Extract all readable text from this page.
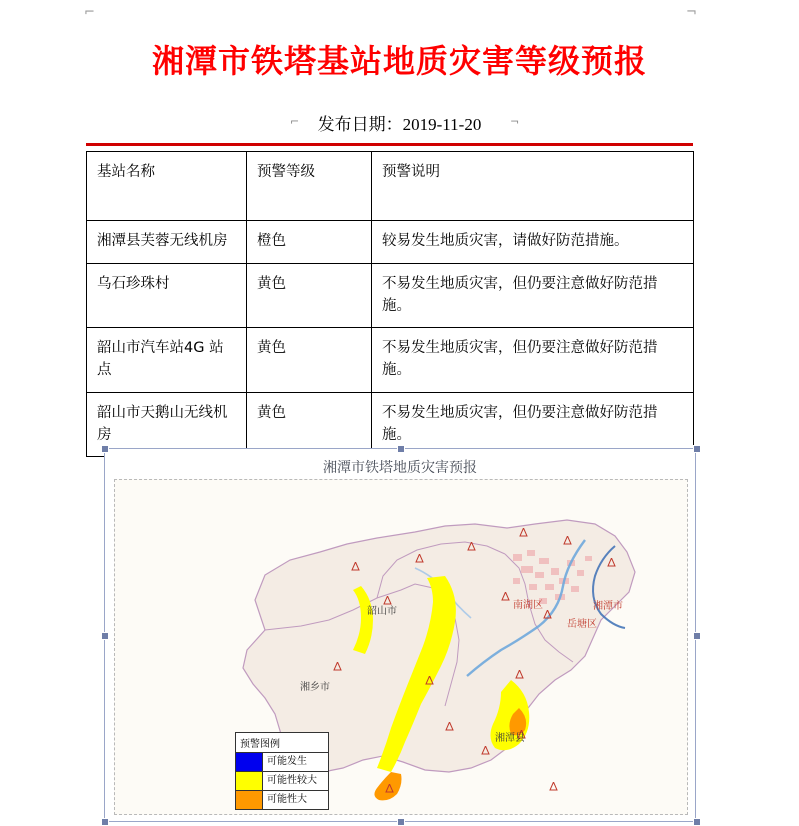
⌐	¬
湘潭市铁塔基站地质灾害等级预报
发布日期：2019-11-20
⌐	¬
基站名称	预警等级	预警说明
湘潭县芙蓉无线机房	橙色	较易发生地质灾害，请做好防范措施。
乌石珍珠村	黄色	不易发生地质灾害，但仍要注意做好防范措施。
韶山市汽车站4G 站点	黄色	不易发生地质灾害，但仍要注意做好防范措施。
韶山市天鹅山无线机房	黄色	不易发生地质灾害，但仍要注意做好防范措施。
湘潭市铁塔地质灾害预报
韶山市
湘乡市
湘潭县
南湖区
岳塘区
湘潭市
预警图例
可能发生
可能性较大
可能性大
